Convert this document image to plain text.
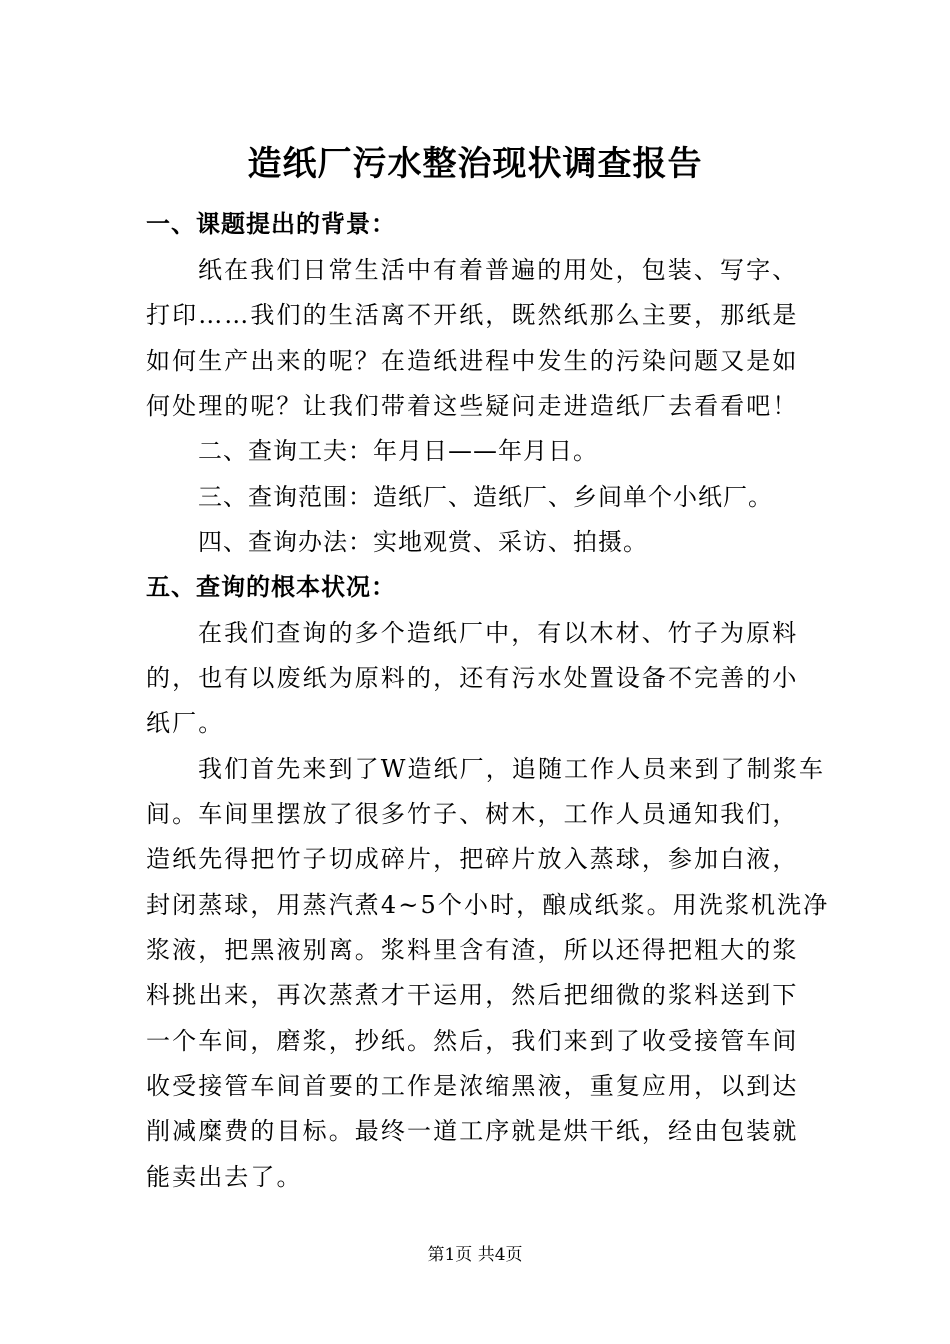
造纸厂污水整治现状调查报告
一、课题提出的背景：
纸在我们日常生活中有着普遍的用处，包装、写字、
打印……我们的生活离不开纸，既然纸那么主要，那纸是
如何生产出来的呢？在造纸进程中发生的污染问题又是如
何处理的呢？让我们带着这些疑问走进造纸厂去看看吧！
二、查询工夫：年月日——年月日。
三、查询范围：造纸厂、造纸厂、乡间单个小纸厂。
四、查询办法：实地观赏、采访、拍摄。
五、查询的根本状况：
在我们查询的多个造纸厂中，有以木材、竹子为原料
的，也有以废纸为原料的，还有污水处置设备不完善的小
纸厂。
我们首先来到了W造纸厂，追随工作人员来到了制浆车
间。车间里摆放了很多竹子、树木，工作人员通知我们，
造纸先得把竹子切成碎片，把碎片放入蒸球，参加白液，
封闭蒸球，用蒸汽煮4~5个小时，酿成纸浆。用洗浆机洗净
浆液，把黑液别离。浆料里含有渣，所以还得把粗大的浆
料挑出来，再次蒸煮才干运用，然后把细微的浆料送到下
一个车间，磨浆，抄纸。然后，我们来到了收受接管车间
收受接管车间首要的工作是浓缩黑液，重复应用，以到达
削减糜费的目标。最终一道工序就是烘干纸，经由包装就
能卖出去了。
第1页 共4页
